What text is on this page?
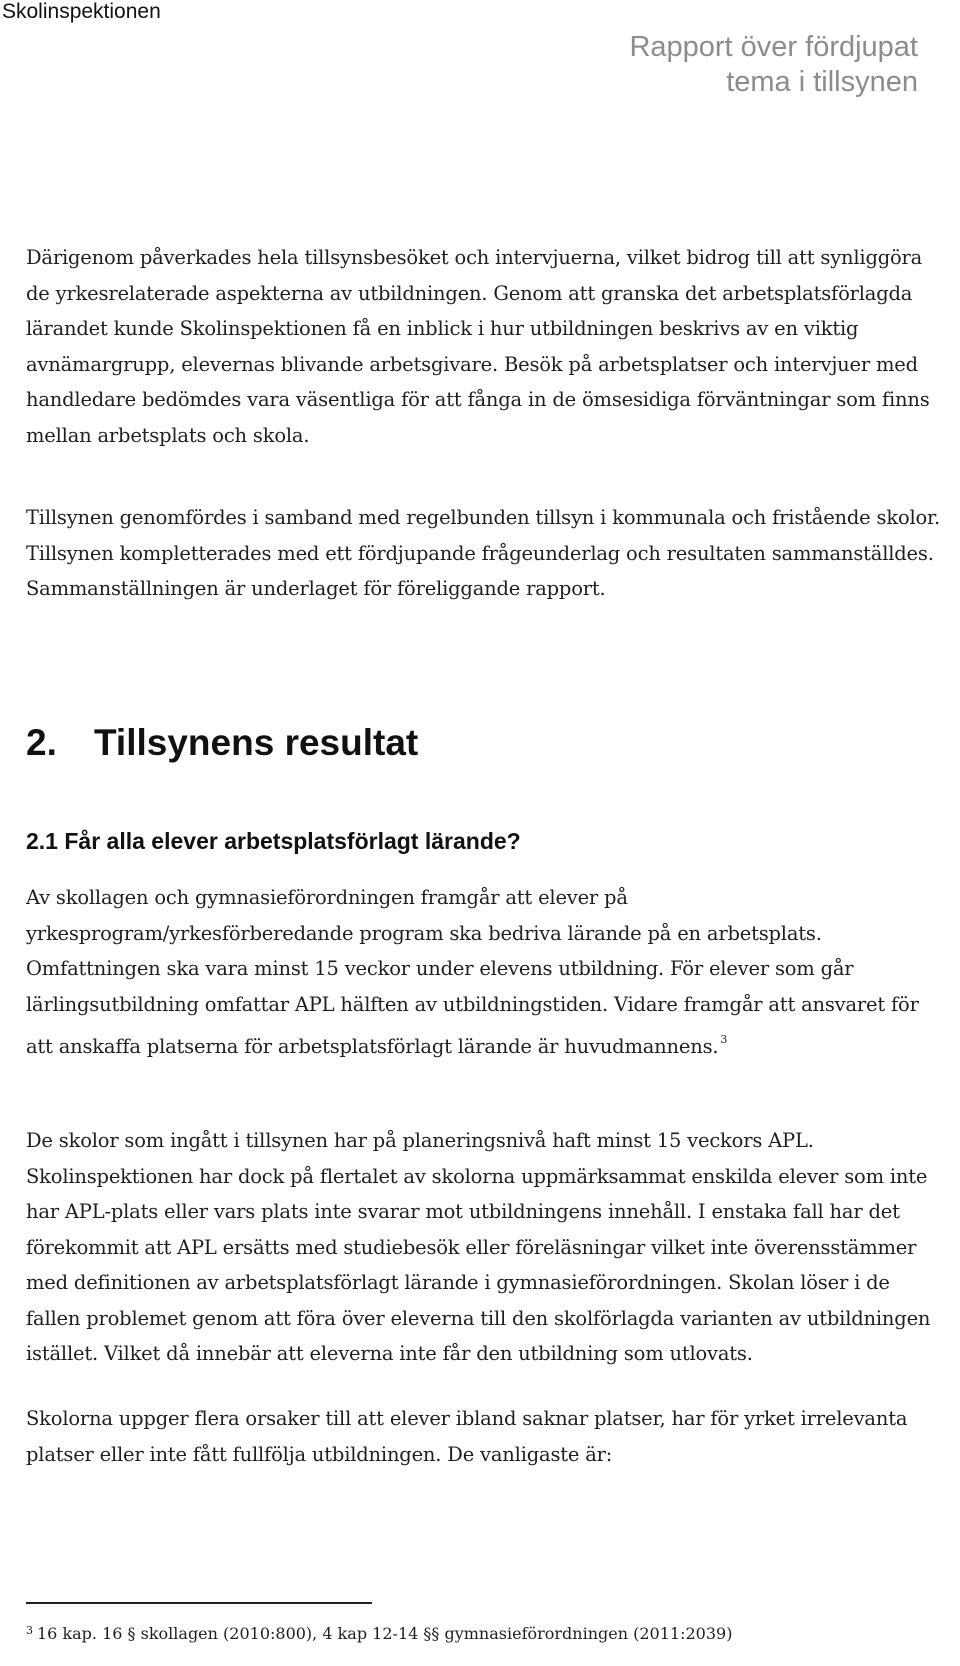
Skolinspektionen
Rapport över fördjupat
tema i tillsynen
Därigenom påverkades hela tillsynsbesöket och intervjuerna, vilket bidrog till att synliggöra de yrkesrelaterade aspekterna av utbildningen. Genom att granska det arbetsplatsförlagda lärandet kunde Skolinspektionen få en inblick i hur utbildningen beskrivs av en viktig avnämargrupp, elevernas blivande arbetsgivare. Besök på arbetsplatser och intervjuer med handledare bedömdes vara väsentliga för att fånga in de ömsesidiga förväntningar som finns mellan arbetsplats och skola.
Tillsynen genomfördes i samband med regelbunden tillsyn i kommunala och fristående skolor. Tillsynen kompletterades med ett fördjupande frågeunderlag och resultaten sammanställdes. Sammanställningen är underlaget för föreliggande rapport.
2. Tillsynens resultat
2.1 Får alla elever arbetsplatsförlagt lärande?
Av skollagen och gymnasieförordningen framgår att elever på yrkesprogram/yrkesförberedande program ska bedriva lärande på en arbetsplats. Omfattningen ska vara minst 15 veckor under elevens utbildning. För elever som går lärlingsutbildning omfattar APL hälften av utbildningstiden. Vidare framgår att ansvaret för att anskaffa platserna för arbetsplatsförlagt lärande är huvudmannens. $^3$
De skolor som ingått i tillsynen har på planeringsnivå haft minst 15 veckors APL. Skolinspektionen har dock på flertalet av skolorna uppmärksammat enskilda elever som inte har APL-plats eller vars plats inte svarar mot utbildningens innehåll. I enstaka fall har det förekommit att APL ersätts med studiebesök eller föreläsningar vilket inte överensstämmer med definitionen av arbetsplatsförlagt lärande i gymnasieförordningen. Skolan löser i de fallen problemet genom att föra över eleverna till den skolförlagda varianten av utbildningen istället. Vilket då innebär att eleverna inte får den utbildning som utlovats.
Skolorna uppger flera orsaker till att elever ibland saknar platser, har för yrket irrelevanta platser eller inte fått fullfölja utbildningen. De vanligaste är:
$^3$ 16 kap. 16 § skollagen (2010:800), 4 kap 12-14 §§ gymnasieförordningen (2011:2039)
